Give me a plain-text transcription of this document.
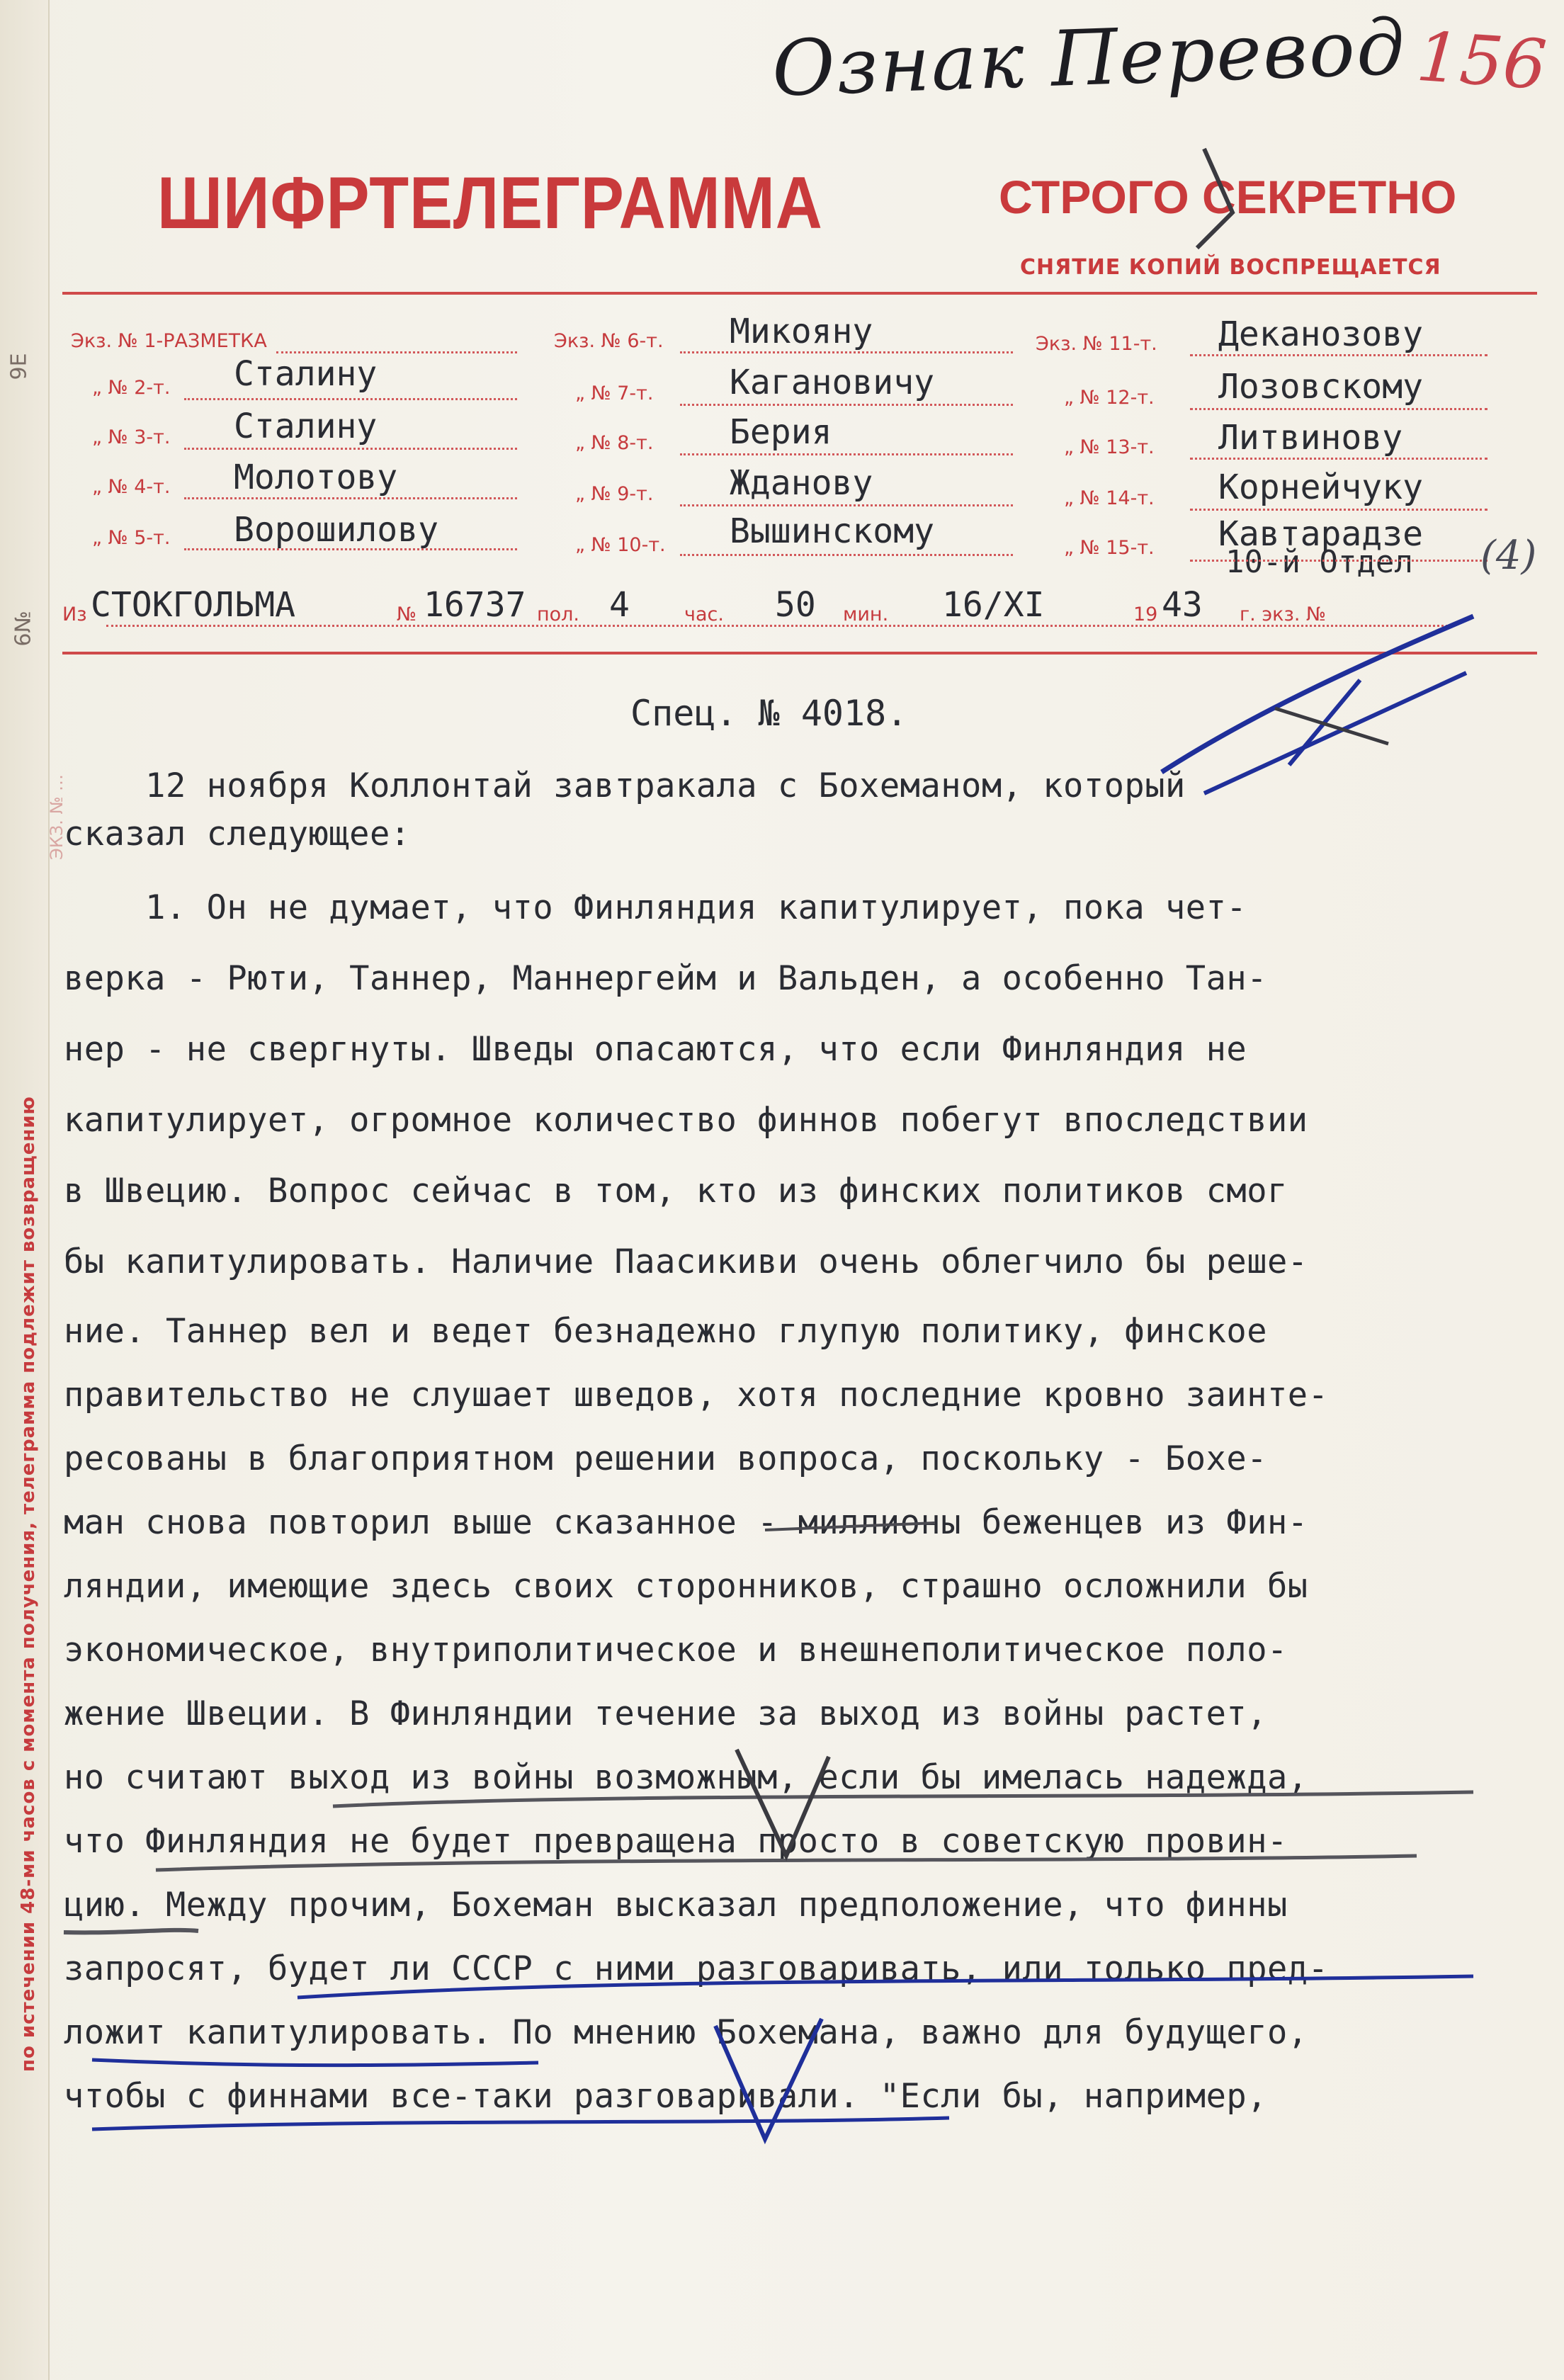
9E
6№
ЭКЗ. № …
по истечении 48-ми часов с момента получения, телеграмма подлежит возвращению
Ознак Перевод 156
ШИФРТЕЛЕГРАММА	СТРОГО СЕКРЕТНО
СНЯТИЕ КОПИЙ ВОСПРЕЩАЕТСЯ
Экз. № 1-РАЗМЕТКА
„ № 2-т. Сталину
„ № 3-т. Сталину
„ № 4-т. Молотову
„ № 5-т. Ворошилову
Экз. № 6-т. Микояну
„ № 7-т. Кагановичу
„ № 8-т. Берия
„ № 9-т. Жданову
„ № 10-т. Вышинскому
Экз. № 11-т. Деканозову
„ № 12-т. Лозовскому
„ № 13-т. Литвинову
„ № 14-т. Корнейчуку
„ № 15-т. Кавтарадзе
10-й Отдел (4)
Из СТОКГОЛЬМА	№ 16737 пол. 4	час. 50 мин. 16/XI	19 43 г. экз. №
Спец. № 4018.
12 ноября Коллонтай завтракала с Бохеманом, который
сказал следующее:
1. Он не думает, что Финляндия капитулирует, пока чет-
верка - Рюти, Таннер, Маннергейм и Вальден, а особенно Тан-
нер - не свергнуты. Шведы опасаются, что если Финляндия не
капитулирует, огромное количество финнов побегут впоследствии
в Швецию. Вопрос сейчас в том, кто из финских политиков смог
бы капитулировать. Наличие Паасикиви очень облегчило бы реше-
ние. Таннер вел и ведет безнадежно глупую политику, финское
правительство не слушает шведов, хотя последние кровно заинте-
ресованы в благоприятном решении вопроса, поскольку - Бохе-
ман снова повторил выше сказанное - миллионы беженцев из Фин-
ляндии, имеющие здесь своих сторонников, страшно осложнили бы
экономическое, внутриполитическое и внешнеполитическое поло-
жение Швеции. В Финляндии течение за выход из войны растет,
но считают выход из войны возможным, если бы имелась надежда,
что Финляндия не будет превращена просто в советскую провин-
цию. Между прочим, Бохеман высказал предположение, что финны
запросят, будет ли СССР с ними разговаривать, или только пред-
ложит капитулировать. По мнению Бохемана, важно для будущего,
чтобы с финнами все-таки разговаривали. "Если бы, например,
